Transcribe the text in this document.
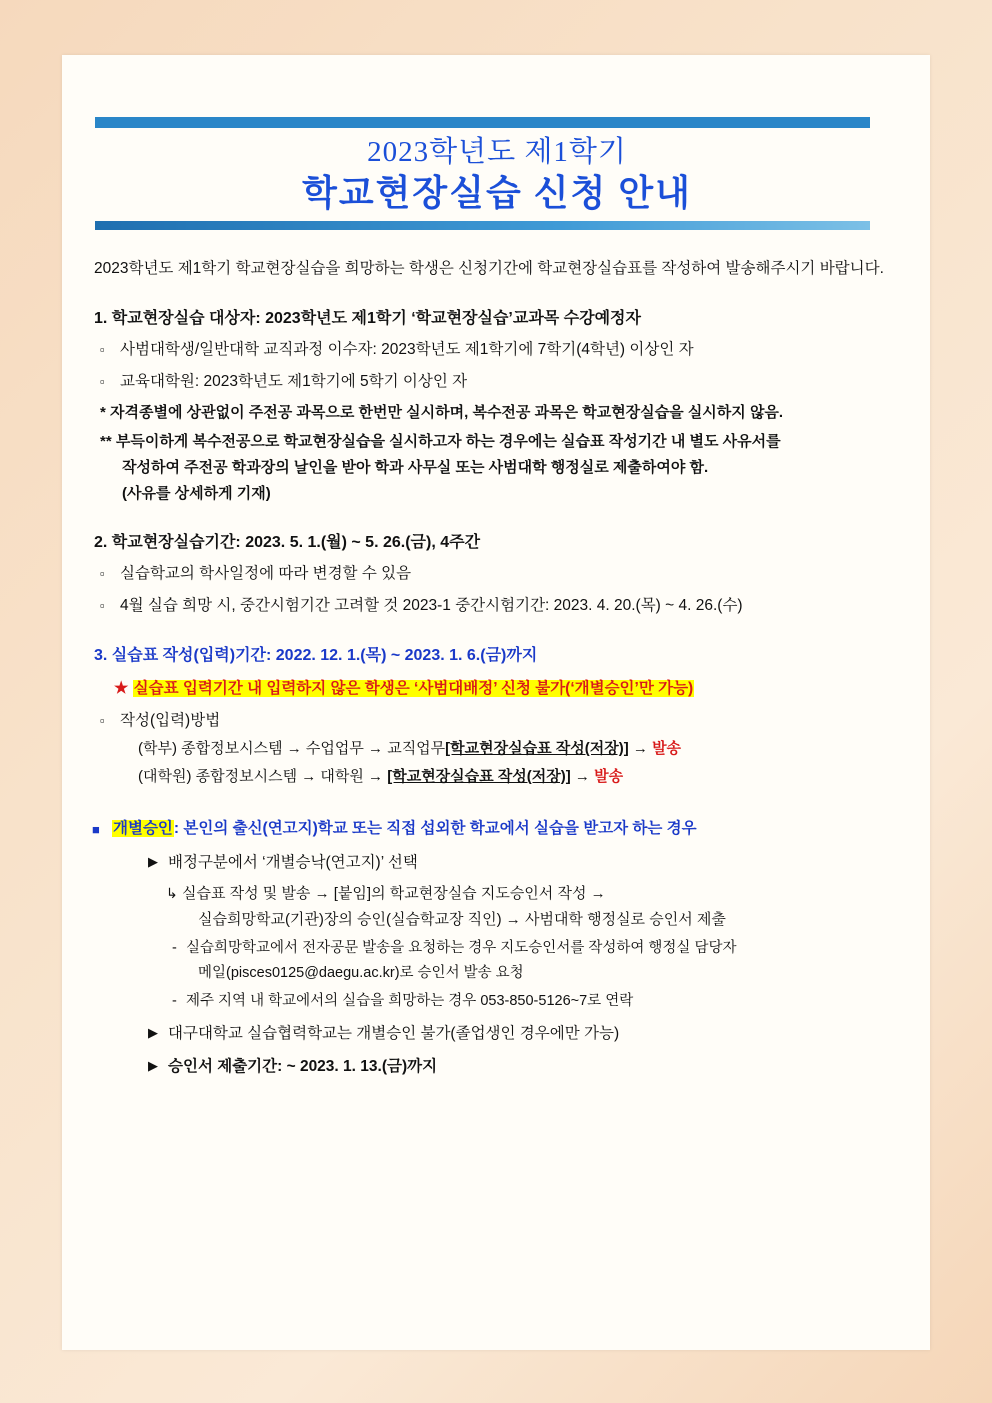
2023학년도 제1학기
학교현장실습 신청 안내

2023학년도 제1학기 학교현장실습을 희망하는 학생은 신청기간에 학교현장실습표를 작성하여 발송해주시기 바랍니다.

1. 학교현장실습 대상자: 2023학년도 제1학기 ‘학교현장실습’교과목 수강예정자
▫ 사범대학생/일반대학 교직과정 이수자: 2023학년도 제1학기에 7학기(4학년) 이상인 자
▫ 교육대학원: 2023학년도 제1학기에 5학기 이상인 자
* 자격종별에 상관없이 주전공 과목으로 한번만 실시하며, 복수전공 과목은 학교현장실습을 실시하지 않음.
** 부득이하게 복수전공으로 학교현장실습을 실시하고자 하는 경우에는 실습표 작성기간 내 별도 사유서를
작성하여 주전공 학과장의 날인을 받아 학과 사무실 또는 사범대학 행정실로 제출하여야 함.
(사유를 상세하게 기재)
2. 학교현장실습기간: 2023. 5. 1.(월) ~ 5. 26.(금), 4주간
▫ 실습학교의 학사일정에 따라 변경할 수 있음
▫ 4월 실습 희망 시, 중간시험기간 고려할 것 2023-1 중간시험기간: 2023. 4. 20.(목) ~ 4. 26.(수)
3. 실습표 작성(입력)기간: 2022. 12. 1.(목) ~ 2023. 1. 6.(금)까지
★ 실습표 입력기간 내 입력하지 않은 학생은 ‘사범대배정’ 신청 불가(‘개별승인’만 가능)
▫ 작성(입력)방법
(학부) 종합정보시스템 → 수업업무 → 교직업무[학교현장실습표 작성(저장)] → 발송
(대학원) 종합정보시스템 → 대학원 → [학교현장실습표 작성(저장)] → 발송
■ 개별승인: 본인의 출신(연고지)학교 또는 직접 섭외한 학교에서 실습을 받고자 하는 경우
▶ 배정구분에서 ‘개별승낙(연고지)’ 선택
↳ 실습표 작성 및 발송 → [붙임]의 학교현장실습 지도승인서 작성 →
실습희망학교(기관)장의 승인(실습학교장 직인) → 사범대학 행정실로 승인서 제출
- 실습희망학교에서 전자공문 발송을 요청하는 경우 지도승인서를 작성하여 행정실 담당자
메일(pisces0125@daegu.ac.kr)로 승인서 발송 요청
- 제주 지역 내 학교에서의 실습을 희망하는 경우 053-850-5126~7로 연락
▶ 대구대학교 실습협력학교는 개별승인 불가(졸업생인 경우에만 가능)
▶ 승인서 제출기간: ~ 2023. 1. 13.(금)까지
